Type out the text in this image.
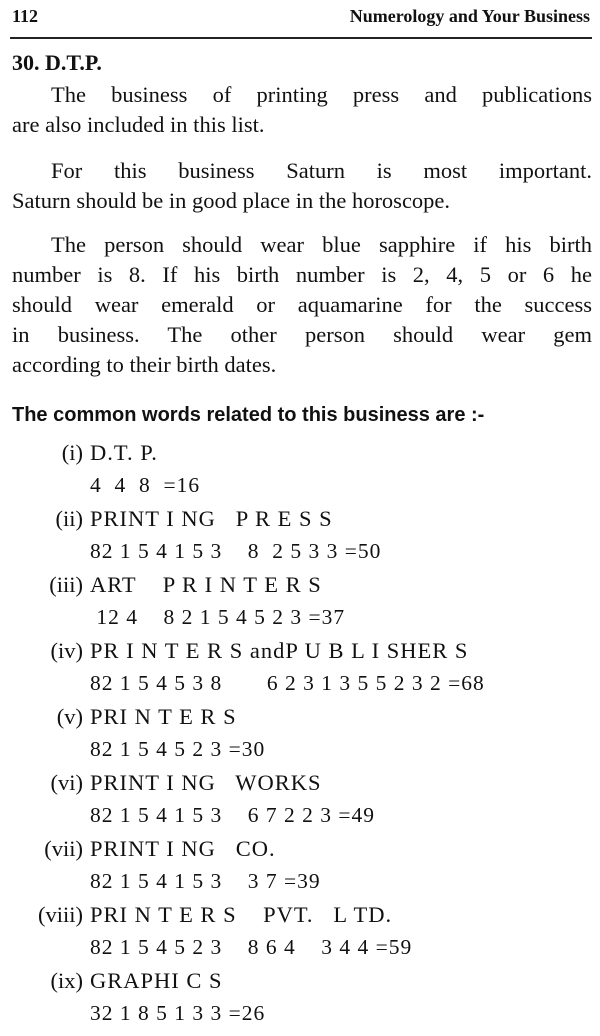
112	Numerology and Your Business
30. D.T.P.

The business of printing press and publications
are also included in this list.

For this business Saturn is most important.
Saturn should be in good place in the horoscope.

The person should wear blue sapphire if his birth
number is 8. If his birth number is 2, 4, 5 or 6 he
should wear emerald or aquamarine for the success
in business. The other person should wear gem
according to their birth dates.

The common words related to this business are :-
(i) D.T. P.
4  4  8  =16
(ii) PRINT I NG   P R E S S
82 1 5 4 1 5 3    8  2 5 3 3 =50
(iii) ART    P R I N T E R S
12 4    8 2 1 5 4 5 2 3 =37
(iv) PR I N T E R S andP U B L I SHER S
82 1 5 4 5 3 8       6 2 3 1 3 5 5 2 3 2 =68
(v) PRI N T E R S
82 1 5 4 5 2 3 =30
(vi) PRINT I NG   WORKS
82 1 5 4 1 5 3    6 7 2 2 3 =49
(vii) PRINT I NG   CO.
82 1 5 4 1 5 3    3 7 =39
(viii) PRI N T E R S    PVT.   L TD.
82 1 5 4 5 2 3    8 6 4    3 4 4 =59
(ix) GRAPHI C S
32 1 8 5 1 3 3 =26
